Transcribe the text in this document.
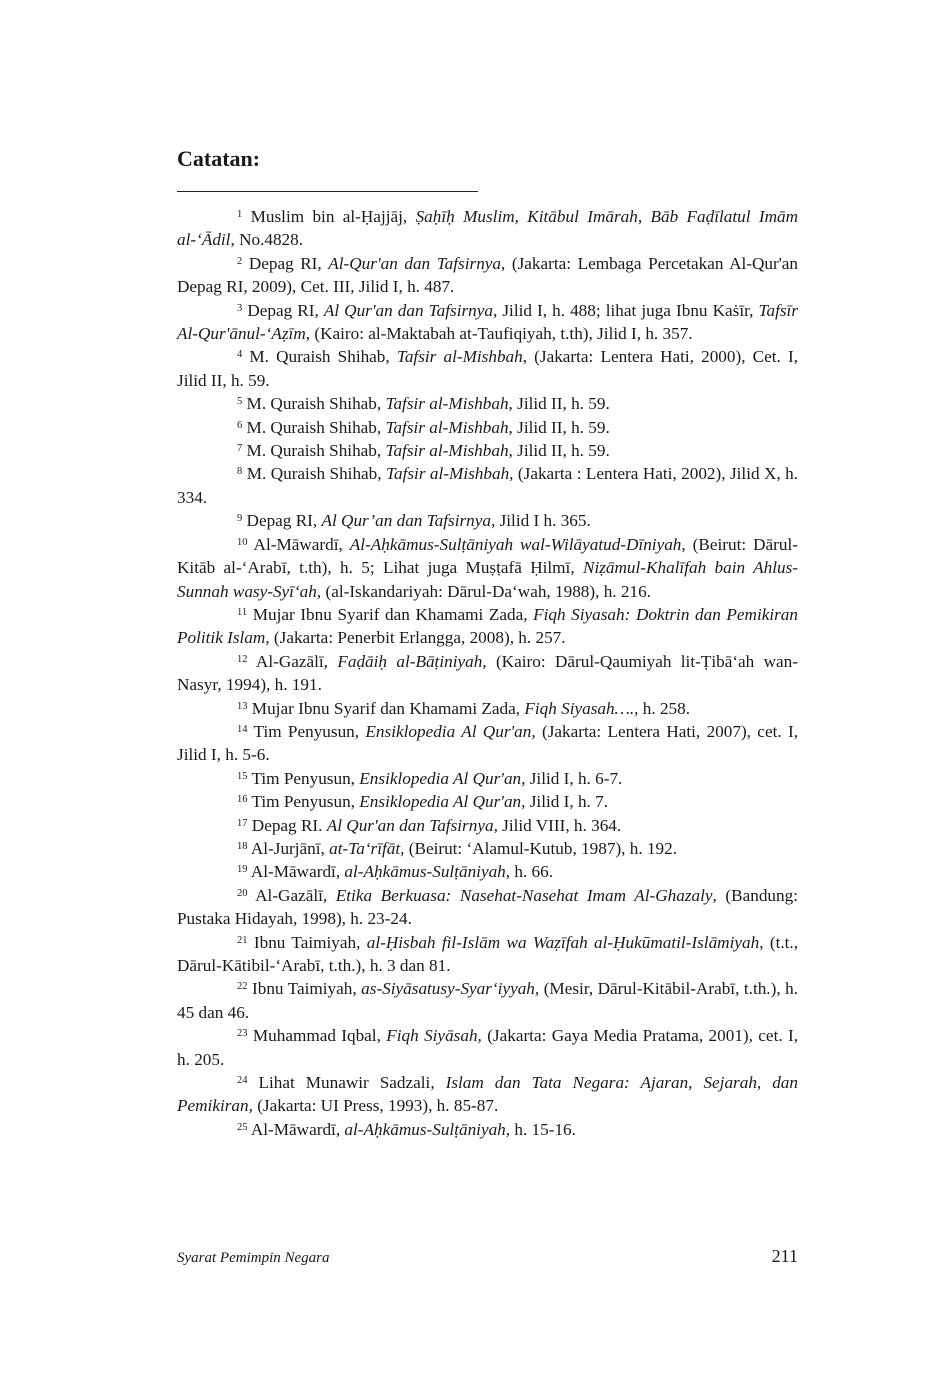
Catatan:

$^1$ Muslim bin al-Ḥajjāj, Ṣaḥīḥ Muslim, Kitābul Imārah, Bāb Faḍīlatul Imām al-‘Ādil, No.4828.

$^2$ Depag RI, Al-Qur'an dan Tafsirnya, (Jakarta: Lembaga Percetakan Al-Qur'an Depag RI, 2009), Cet. III, Jilid I, h. 487.

$^3$ Depag RI, Al Qur'an dan Tafsirnya, Jilid I, h. 488; lihat juga Ibnu Kaṡīr, Tafsīr Al-Qur'ānul-‘Aẓīm, (Kairo: al-Maktabah at-Taufiqiyah, t.th), Jilid I, h. 357.

$^4$ M. Quraish Shihab, Tafsir al-Mishbah, (Jakarta: Lentera Hati, 2000), Cet. I, Jilid II, h. 59.

$^5$ M. Quraish Shihab, Tafsir al-Mishbah, Jilid II, h. 59.

$^6$ M. Quraish Shihab, Tafsir al-Mishbah, Jilid II, h. 59.

$^7$ M. Quraish Shihab, Tafsir al-Mishbah, Jilid II, h. 59.

$^8$ M. Quraish Shihab, Tafsir al-Mishbah, (Jakarta : Lentera Hati, 2002), Jilid X, h. 334.

$^9$ Depag RI, Al Qur’an dan Tafsirnya, Jilid I h. 365.

$^{10}$ Al-Māwardī, Al-Aḥkāmus-Sulṭāniyah wal-Wilāyatud-Dīniyah, (Beirut: Dārul-Kitāb al-‘Arabī, t.th), h. 5; Lihat juga Muṣṭafā Ḥilmī, Niẓāmul-Khalīfah bain Ahlus-Sunnah wasy-Syī‘ah, (al-Iskandariyah: Dārul-Da‘wah, 1988), h. 216.

$^{11}$ Mujar Ibnu Syarif dan Khamami Zada, Fiqh Siyasah: Doktrin dan Pemikiran Politik Islam, (Jakarta: Penerbit Erlangga, 2008), h. 257.

$^{12}$ Al-Gazālī, Faḍāiḥ al-Bāṭiniyah, (Kairo: Dārul-Qaumiyah lit-Ṭibā‘ah wan-Nasyr, 1994), h. 191.

$^{13}$ Mujar Ibnu Syarif dan Khamami Zada, Fiqh Siyasah…., h. 258.

$^{14}$ Tim Penyusun, Ensiklopedia Al Qur'an, (Jakarta: Lentera Hati, 2007), cet. I, Jilid I, h. 5-6.

$^{15}$ Tim Penyusun, Ensiklopedia Al Qur'an, Jilid I, h. 6-7.

$^{16}$ Tim Penyusun, Ensiklopedia Al Qur'an, Jilid I, h. 7.

$^{17}$ Depag RI. Al Qur'an dan Tafsirnya, Jilid VIII, h. 364.

$^{18}$ Al-Jurjānī, at-Ta‘rīfāt, (Beirut: ‘Alamul-Kutub, 1987), h. 192.

$^{19}$ Al-Māwardī, al-Aḥkāmus-Sulṭāniyah, h. 66.

$^{20}$ Al-Gazālī, Etika Berkuasa: Nasehat-Nasehat Imam Al-Ghazaly, (Bandung: Pustaka Hidayah, 1998), h. 23-24.

$^{21}$ Ibnu Taimiyah, al-Ḥisbah fil-Islām wa Waẓīfah al-Ḥukūmatil-Islāmiyah, (t.t., Dārul-Kātibil-‘Arabī, t.th.), h. 3 dan 81.

$^{22}$ Ibnu Taimiyah, as-Siyāsatusy-Syar‘iyyah, (Mesir, Dārul-Kitābil-Arabī, t.th.), h. 45 dan 46.

$^{23}$ Muhammad Iqbal, Fiqh Siyāsah, (Jakarta: Gaya Media Pratama, 2001), cet. I, h. 205.

$^{24}$ Lihat Munawir Sadzali, Islam dan Tata Negara: Ajaran, Sejarah, dan Pemikiran, (Jakarta: UI Press, 1993), h. 85-87.

$^{25}$ Al-Māwardī, al-Aḥkāmus-Sulṭāniyah, h. 15-16.

Syarat Pemimpin Negara	211
